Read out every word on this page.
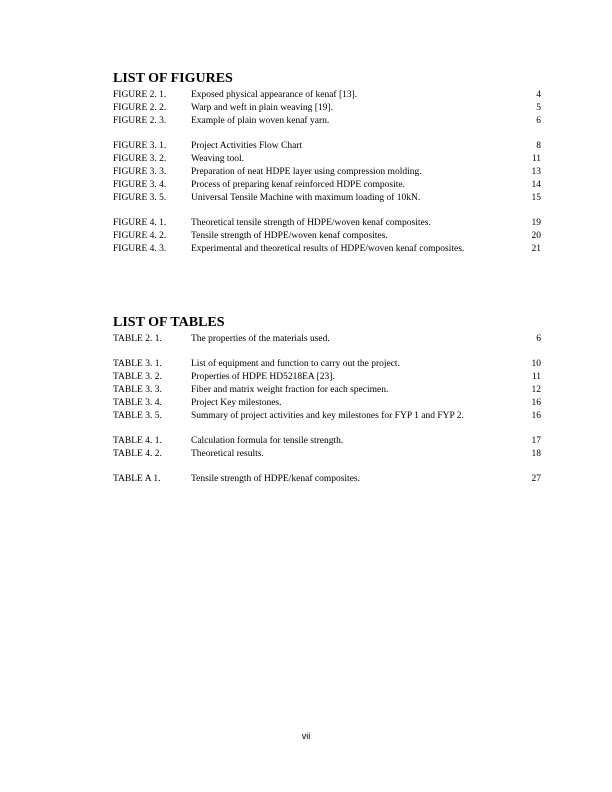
LIST OF FIGURES
FIGURE 2. 1.	Exposed physical appearance of kenaf [13].	4
FIGURE 2. 2.	Warp and weft in plain weaving [19].	5
FIGURE 2. 3.	Example of plain woven kenaf yarn.	6
FIGURE 3. 1.	Project Activities Flow Chart	8
FIGURE 3. 2.	Weaving tool.	11
FIGURE 3. 3.	Preparation of neat HDPE layer using compression molding.	13
FIGURE 3. 4.	Process of preparing kenaf reinforced HDPE composite.	14
FIGURE 3. 5.	Universal Tensile Machine with maximum loading of 10kN.	15
FIGURE 4. 1.	Theoretical tensile strength of HDPE/woven kenaf composites.	19
FIGURE 4. 2.	Tensile strength of HDPE/woven kenaf composites.	20
FIGURE 4. 3.	Experimental and theoretical results of HDPE/woven kenaf composites.	21
LIST OF TABLES
TABLE 2. 1.	The properties of the materials used.	6
TABLE 3. 1.	List of equipment and function to carry out the project.	10
TABLE 3. 2.	Properties of HDPE HD5218EA [23].	11
TABLE 3. 3.	Fiber and matrix weight fraction for each specimen.	12
TABLE 3. 4.	Project Key milestones.	16
TABLE 3. 5.	Summary of project activities and key milestones for FYP 1 and FYP 2.	16
TABLE 4. 1.	Calculation formula for tensile strength.	17
TABLE 4. 2.	Theoretical results.	18
TABLE A 1.	Tensile strength of HDPE/kenaf composites.	27
vii
